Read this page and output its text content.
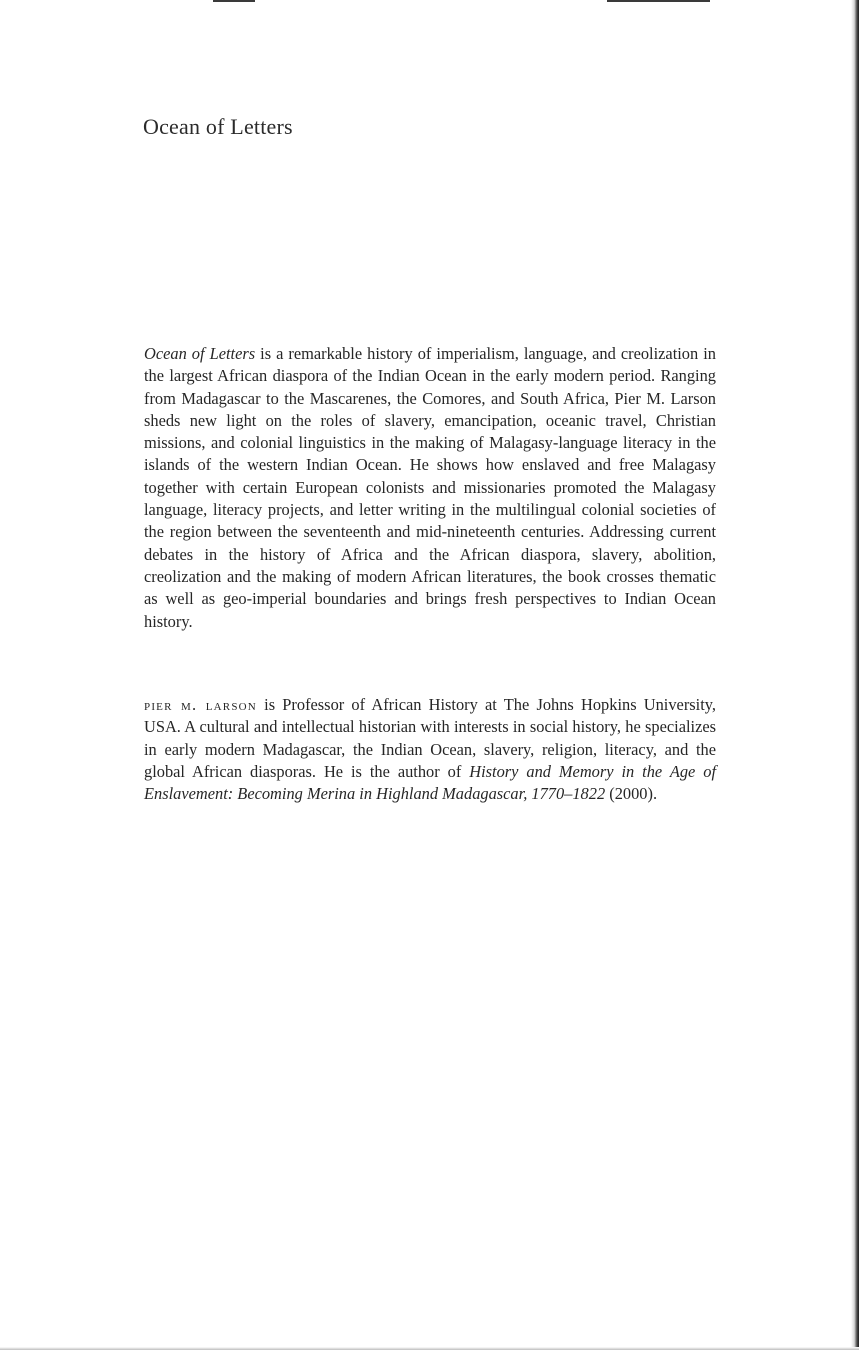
Ocean of Letters

Ocean of Letters is a remarkable history of imperialism, language, and creolization in the largest African diaspora of the Indian Ocean in the early modern period. Ranging from Madagascar to the Mascarenes, the Comores, and South Africa, Pier M. Larson sheds new light on the roles of slavery, emancipation, oceanic travel, Christian missions, and colonial linguistics in the making of Malagasy-language literacy in the islands of the western Indian Ocean. He shows how enslaved and free Malagasy together with certain European colonists and missionaries promoted the Malagasy language, literacy projects, and letter writing in the multilingual colonial societies of the region between the seventeenth and mid-nineteenth centuries. Addressing current debates in the history of Africa and the African diaspora, slavery, abolition, creolization and the making of modern African literatures, the book crosses thematic as well as geo-imperial boundaries and brings fresh perspectives to Indian Ocean history.

pier m. larson is Professor of African History at The Johns Hopkins University, USA. A cultural and intellectual historian with interests in social history, he specializes in early modern Madagascar, the Indian Ocean, slavery, religion, literacy, and the global African diasporas. He is the author of History and Memory in the Age of Enslavement: Becoming Merina in Highland Madagascar, 1770–1822 (2000).
